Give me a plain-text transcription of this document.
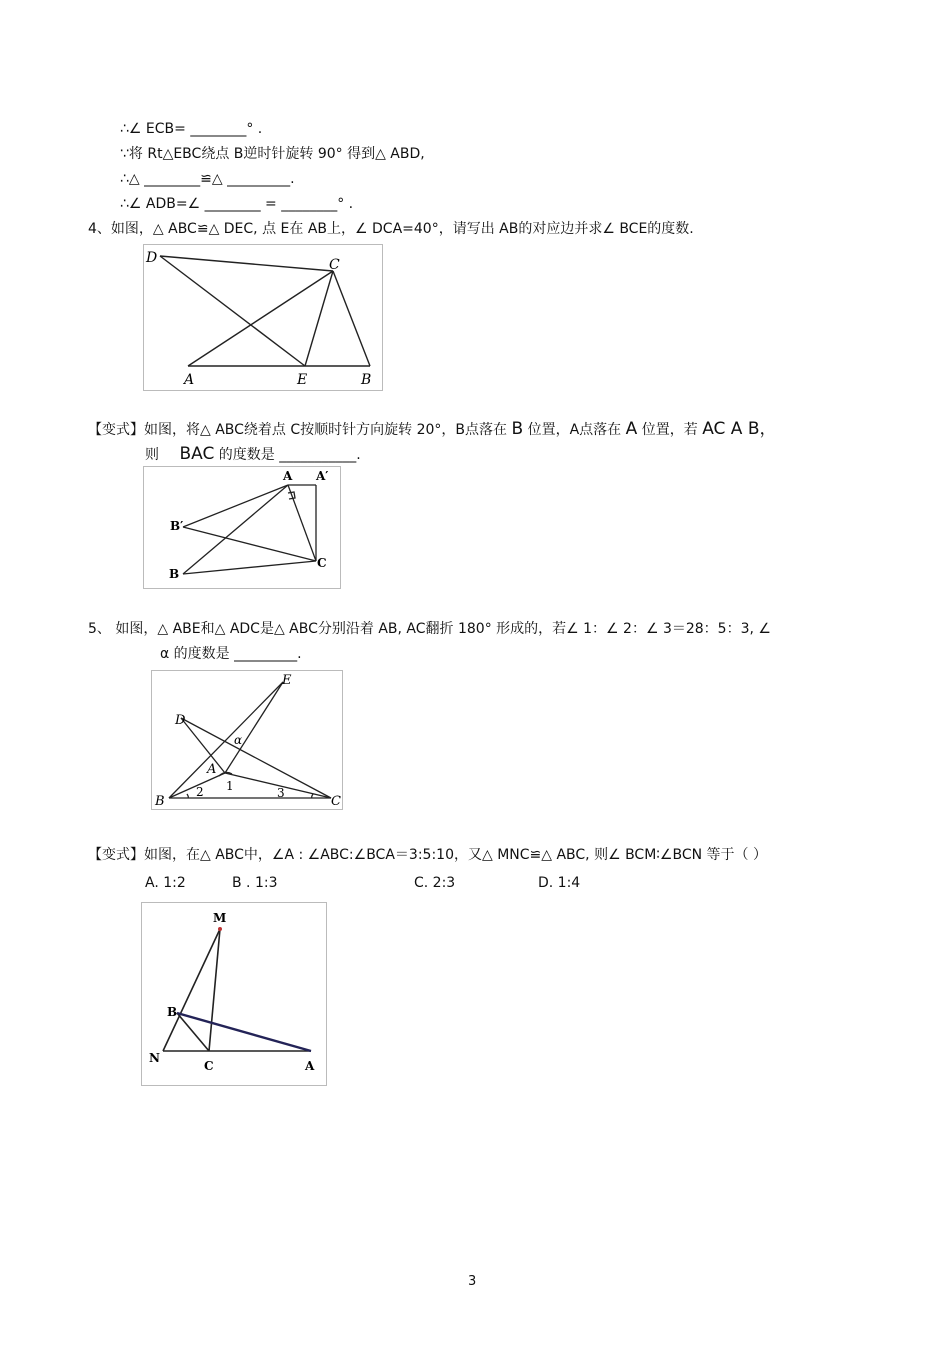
∴∠ ECB= ________° .
∵将 Rt△EBC绕点 B逆时针旋转 90° 得到△ ABD,
∴△ ________≌△ _________.
∴∠ ADB=∠ ________ = ________° .
4、如图，△ ABC≌△ DEC, 点 E在 AB上，∠ DCA=40°，请写出 AB的对应边并求∠ BCE的度数.
D	C
A	E	B
【变式】如图，将△ ABC绕着点 C按顺时针方向旋转 20°，B点落在 B 位置，A点落在 A 位置，若 AC A B，
则 BAC 的度数是 ___________.
A A′
B′
B
C
5、 如图，△ ABE和△ ADC是△ ABC分别沿着 AB, AC翻折 180° 形成的，若∠ 1：∠ 2：∠ 3＝28：5：3, ∠
α 的度数是 _________.
E
D
α
A
B	C
1
2	3
【变式】如图，在△ ABC中，∠A : ∠ABC:∠BCA＝3:5:10，又△ MNC≌△ ABC, 则∠ BCM∶∠BCN 等于（ ）
A. 1:2	B . 1:3	C. 2:3	D. 1:4
M
B
N
C	A
3
